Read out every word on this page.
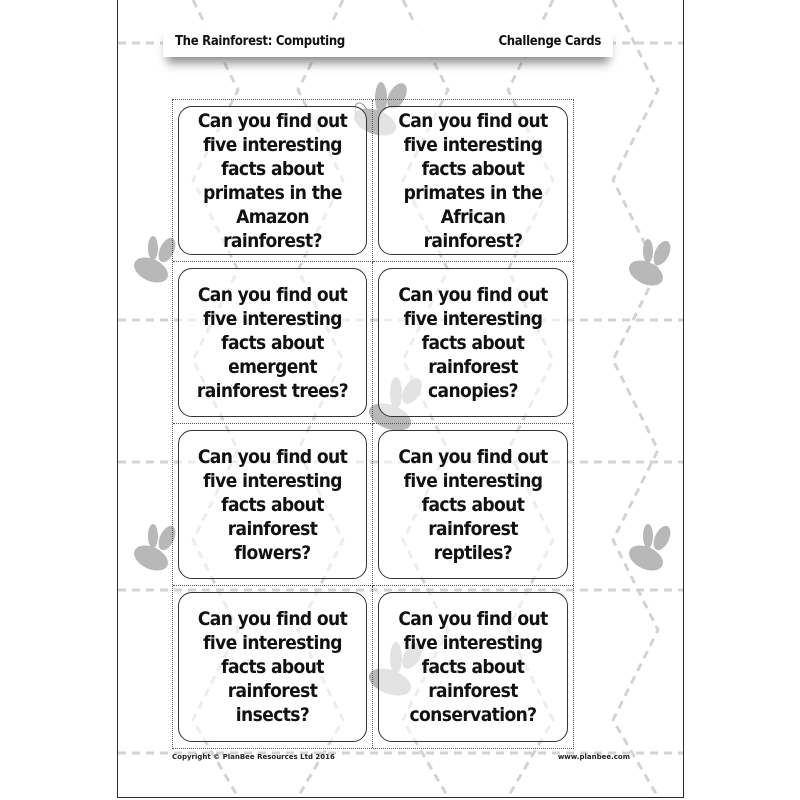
The Rainforest: Computing	Challenge Cards
Can you find out five interesting facts about primates in the Amazon rainforest?
Can you find out five interesting facts about primates in the African rainforest?
Can you find out five interesting facts about emergent rainforest trees?
Can you find out five interesting facts about rainforest canopies?
Can you find out five interesting facts about rainforest flowers?
Can you find out five interesting facts about rainforest reptiles?
Can you find out five interesting facts about rainforest insects?
Can you find out five interesting facts about rainforest conservation?
Copyright © PlanBee Resources Ltd 2016	www.planbee.com
